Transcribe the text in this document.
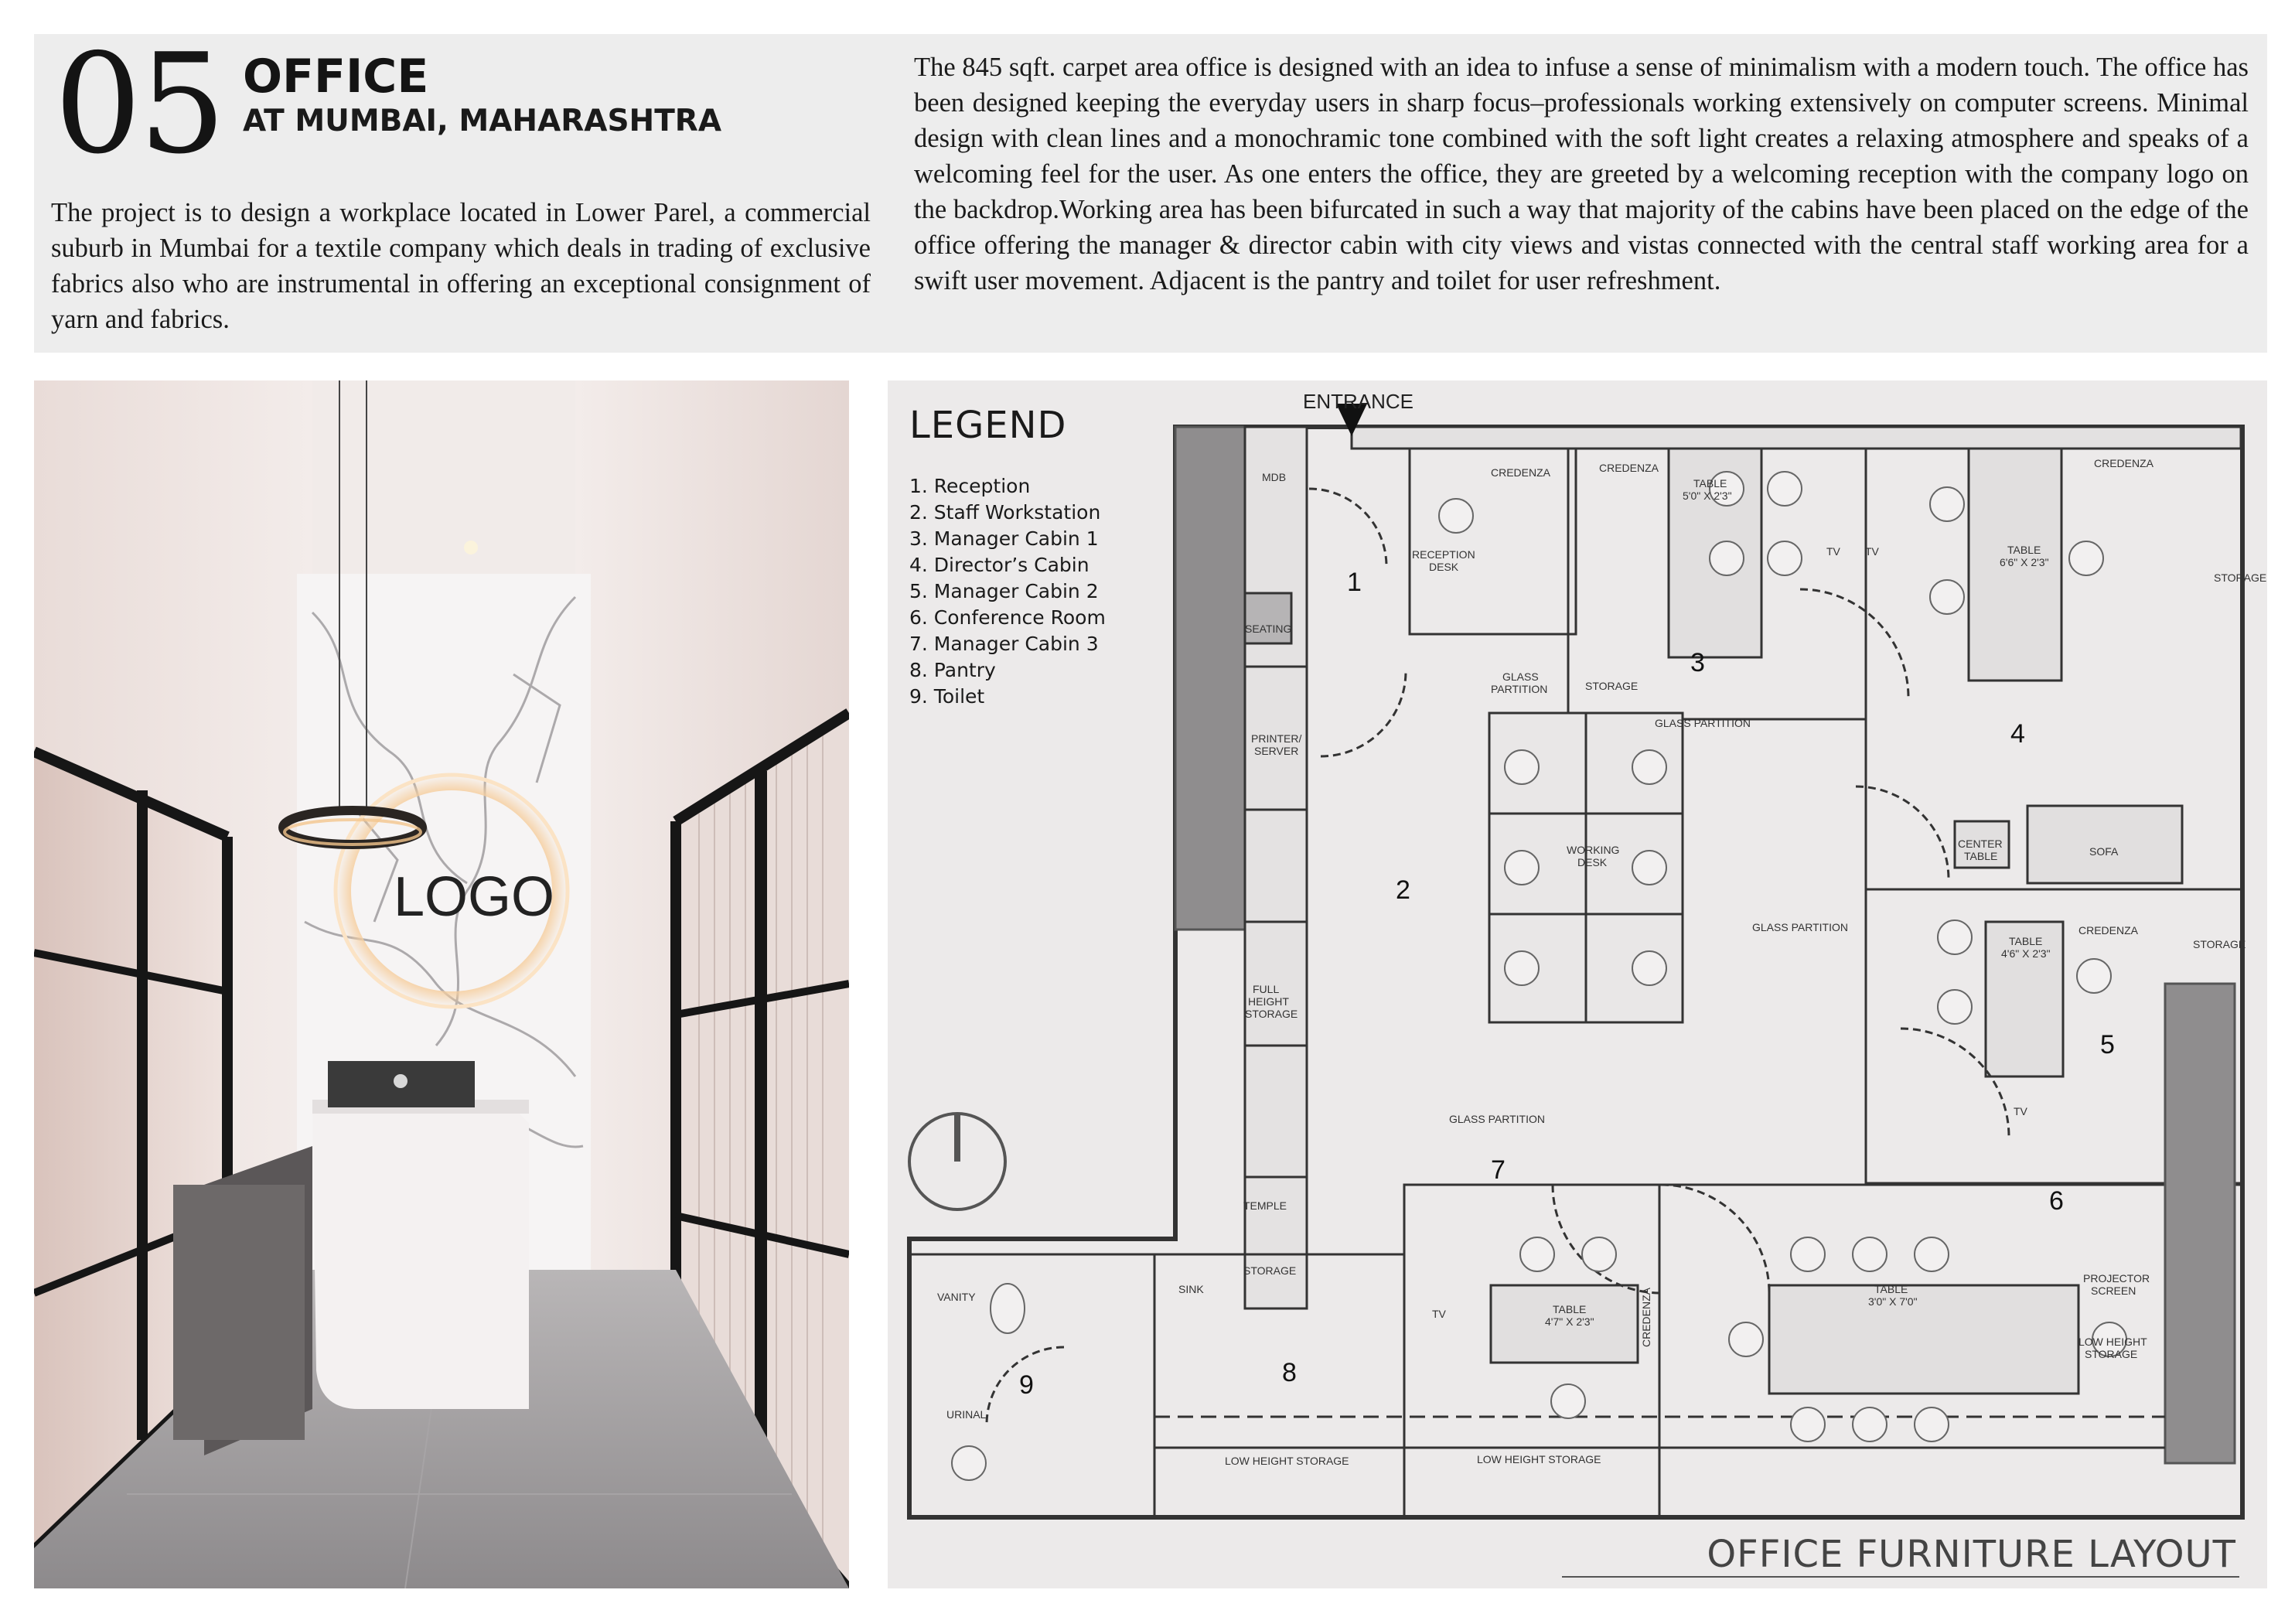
05 OFFICE
AT MUMBAI, MAHARASHTRA
The project is to design a workplace located in Lower Parel, a commercial suburb in Mumbai for a textile company which deals in trading of exclusive fabrics also who are instrumental in offering an exceptional consignment of yarn and fabrics.
The 845 sqft. carpet area office is designed with an idea to infuse a sense of minimalism with a modern touch. The office has been designed keeping the everyday users in sharp focus–professionals working extensively on computer screens. Minimal design with clean lines and a monochramic tone combined with the soft light creates a relaxing atmosphere and speaks of a welcoming feel for the user. As one enters the office, they are greeted by a welcoming reception with the company logo on the backdrop.Working area has been bifurcated in such a way that majority of the cabins have been placed on the edge of the office offering the manager & director cabin with city views and vistas connected with the central staff working area for a swift user movement. Adjacent is the pantry and toilet for user refreshment.
LOGO
LEGEND
1. Reception
2. Staff Workstation
3. Manager Cabin 1
4. Director’s Cabin
5. Manager Cabin 2
6. Conference Room
7. Manager Cabin 3
8. Pantry
9. Toilet
ENTRANCE
MDB	CREDENZA	CREDENZA	CREDENZA
CREDENZA
RECEPTION
DESK
SEATING
TABLE
5'0" X 2'3"
TV TV	TABLE
6'6" X 2'3"
STORAGE
GLASS
PARTITION	STORAGE
GLASS PARTITION
PRINTER/
SERVER
WORKING
DESK
CENTER
TABLE	SOFA
GLASS PARTITION
TABLE
4'6" X 2'3"
STORAGE
FULL
HEIGHT
STORAGE
TV
GLASS PARTITION
TEMPLE
VANITY
SINK
STORAGE
URINAL
TV	TABLE
4'7" X 2'3"
TABLE
3'0" X 7'0"
PROJECTOR
SCREEN
LOW HEIGHT
STORAGE
LOW HEIGHT STORAGE	LOW HEIGHT STORAGE
CREDENZA
1
2
3
4
5
6
7
8
9
OFFICE FURNITURE LAYOUT
